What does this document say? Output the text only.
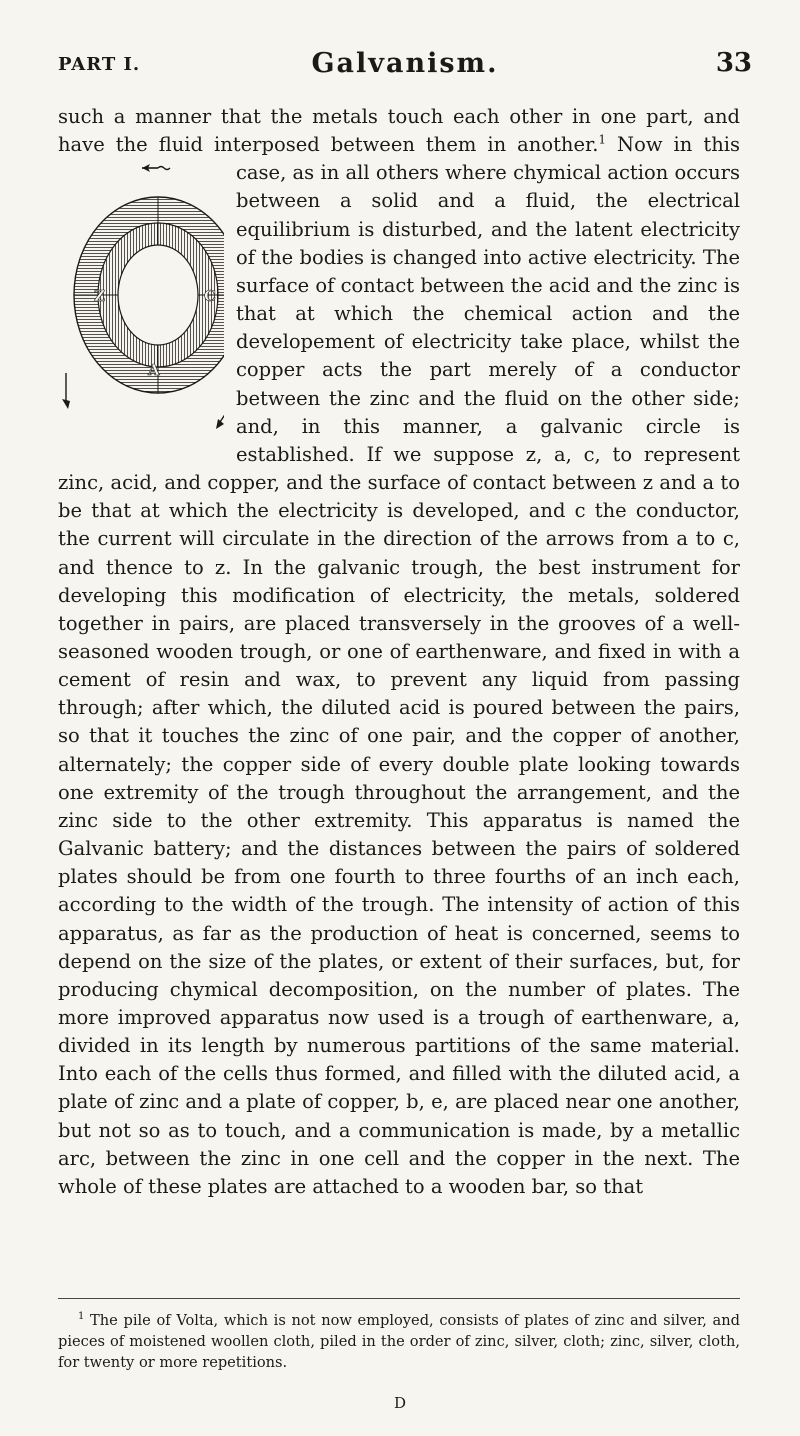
PART I.	Galvanism.	33

such a manner that the metals touch each other in one part, and have the fluid interposed between them in another.$^1$
Z
A
C
Now in this case, as in all others where chymical action occurs between a solid and a fluid, the electrical equilibrium is disturbed, and the latent electricity of the bodies is changed into active electricity. The surface of contact between the acid and the zinc is that at which the chemical action and the developement of electricity take place, whilst the copper acts the part merely of a conductor between the zinc and the fluid on the other side; and, in this manner, a galvanic circle is established. If we suppose z, a, c, to represent zinc, acid, and copper, and the surface of contact between z and a to be that at which the electricity is developed, and c the conductor, the current will circulate in the direction of the arrows from a to c, and thence to z. In the galvanic trough, the best instrument for developing this modification of electricity, the metals, soldered together in pairs, are placed transversely in the grooves of a well-seasoned wooden trough, or one of earthenware, and fixed in with a cement of resin and wax, to prevent any liquid from passing through; after which, the diluted acid is poured between the pairs, so that it touches the zinc of one pair, and the copper of another, alternately; the copper side of every double plate looking towards one extremity of the trough throughout the arrangement, and the zinc side to the other extremity. This apparatus is named the Galvanic battery; and the distances between the pairs of soldered plates should be from one fourth to three fourths of an inch each, according to the width of the trough. The intensity of action of this apparatus, as far as the production of heat is concerned, seems to depend on the size of the plates, or extent of their surfaces, but, for producing chymical decomposition, on the number of plates. The more improved apparatus now used is a trough of earthenware, a, divided in its length by numerous partitions of the same material. Into each of the cells thus formed, and filled with the diluted acid, a plate of zinc and a plate of copper, b, e, are placed near one another, but not so as to touch, and a communication is made, by a metallic arc, between the zinc in one cell and the copper in the next. The whole of these plates are attached to a wooden bar, so that

$^1$ The pile of Volta, which is not now employed, consists of plates of zinc and silver, and pieces of moistened woollen cloth, piled in the order of zinc, silver, cloth; zinc, silver, cloth, for twenty or more repetitions.
D
